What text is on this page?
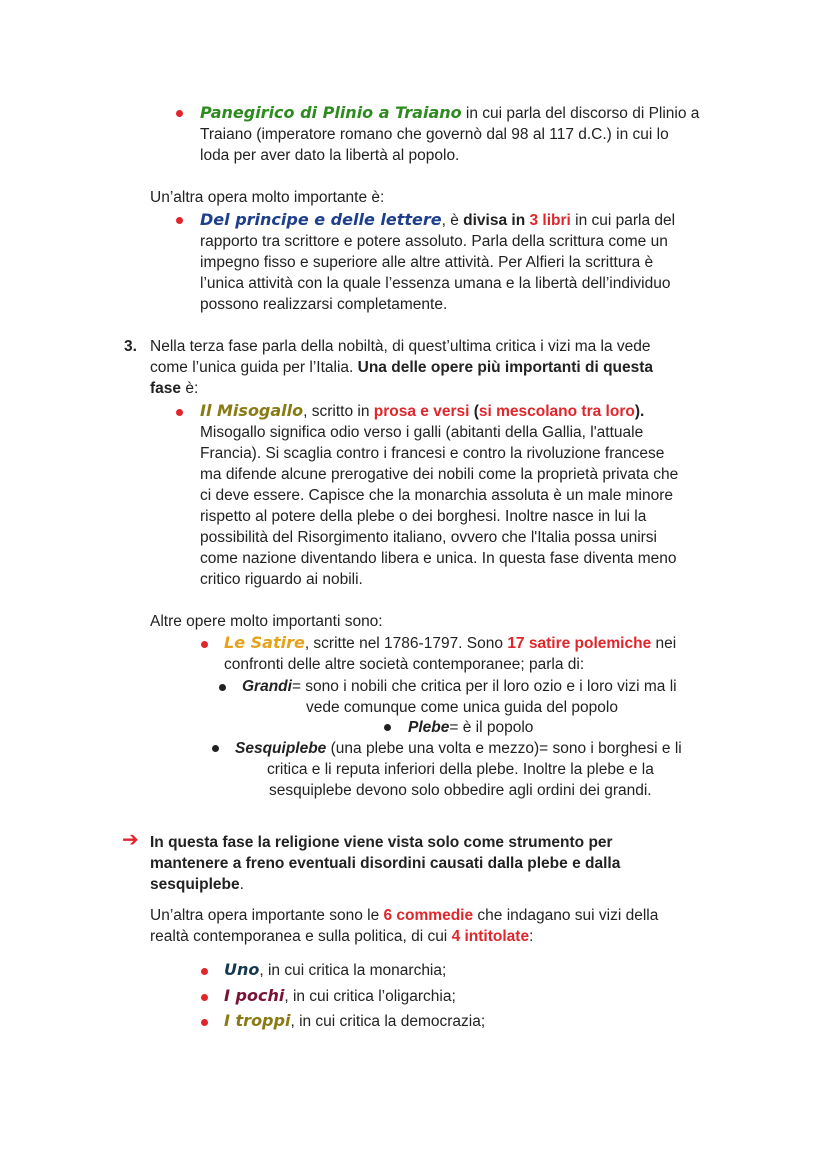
Panegirico di Plinio a Traiano in cui parla del discorso di Plinio a
Traiano (imperatore romano che governò dal 98 al 117 d.C.) in cui lo
loda per aver dato la libertà al popolo.
Un’altra opera molto importante è:
Del principe e delle lettere, è divisa in 3 libri in cui parla del
rapporto tra scrittore e potere assoluto. Parla della scrittura come un
impegno fisso e superiore alle altre attività. Per Alfieri la scrittura è
l’unica attività con la quale l’essenza umana e la libertà dell’individuo
possono realizzarsi completamente.
3. Nella terza fase parla della nobiltà, di quest’ultima critica i vizi ma la vede
come l’unica guida per l’Italia. Una delle opere più importanti di questa
fase è:
Il Misogallo, scritto in prosa e versi (si mescolano tra loro).
Misogallo significa odio verso i galli (abitanti della Gallia, l'attuale
Francia). Si scaglia contro i francesi e contro la rivoluzione francese
ma difende alcune prerogative dei nobili come la proprietà privata che
ci deve essere. Capisce che la monarchia assoluta è un male minore
rispetto al potere della plebe o dei borghesi. Inoltre nasce in lui la
possibilità del Risorgimento italiano, ovvero che l'Italia possa unirsi
come nazione diventando libera e unica. In questa fase diventa meno
critico riguardo ai nobili.
Altre opere molto importanti sono:
Le Satire, scritte nel 1786-1797. Sono 17 satire polemiche nei
confronti delle altre società contemporanee; parla di:
Grandi= sono i nobili che critica per il loro ozio e i loro vizi ma li
vede comunque come unica guida del popolo
Plebe= è il popolo
Sesquiplebe (una plebe una volta e mezzo)= sono i borghesi e li
critica e li reputa inferiori della plebe. Inoltre la plebe e la
sesquiplebe devono solo obbedire agli ordini dei grandi.
➔ In questa fase la religione viene vista solo come strumento per
mantenere a freno eventuali disordini causati dalla plebe e dalla
sesquiplebe.
Un’altra opera importante sono le 6 commedie che indagano sui vizi della
realtà contemporanea e sulla politica, di cui 4 intitolate:
Uno, in cui critica la monarchia;
I pochi, in cui critica l’oligarchia;
I troppi, in cui critica la democrazia;
